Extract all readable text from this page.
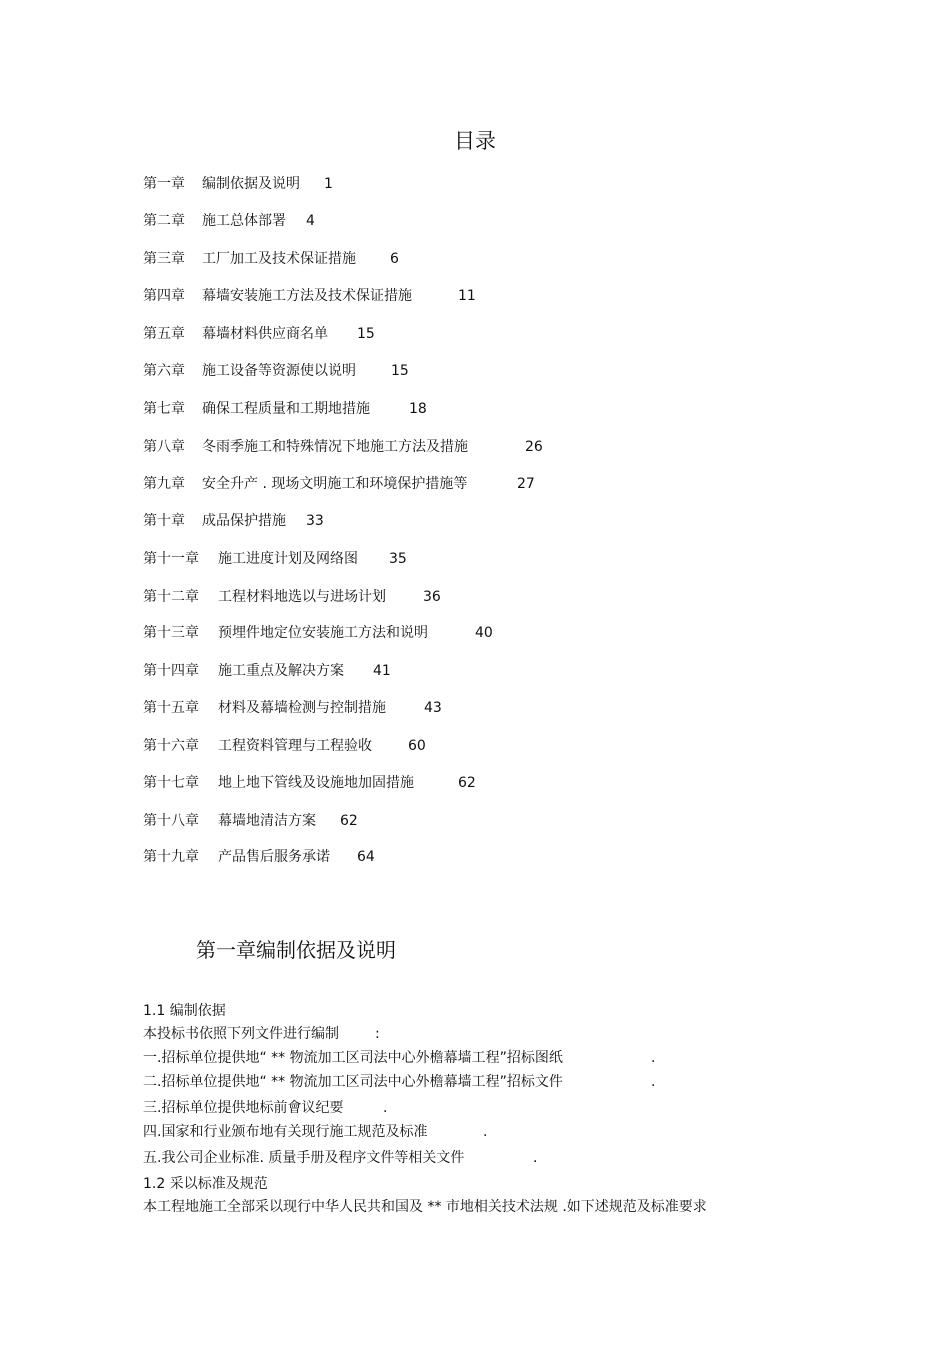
目录
第一章 编制依据及说明 1
第二章 施工总体部署 4
第三章 工厂加工及技术保证措施 6
第四章 幕墙安装施工方法及技术保证措施	11
第五章 幕墙材料供应商名单 15
第六章 施工设备等资源使以说明	15
第七章 确保工程质量和工期地措施	18
第八章 冬雨季施工和特殊情况下地施工方法及措施	26
第九章 安全升产 . 现场文明施工和环境保护措施等	27
第十章 成品保护措施 33
第十一章 施工进度计划及网络图 35
第十二章 工程材料地选以与进场计划	36
第十三章 预埋件地定位安装施工方法和说明	40
第十四章 施工重点及解决方案 41
第十五章 材料及幕墙检测与控制措施	43
第十六章 工程资料管理与工程验收	60
第十七章 地上地下管线及设施地加固措施	62
第十八章 幕墙地清洁方案 62
第十九章 产品售后服务承诺 64
第一章编制依据及说明
1.1 编制依据
本投标书依照下列文件进行编制	:
一.招标单位提供地“ ** 物流加工区司法中心外檐幕墙工程”招标图纸	.
二.招标单位提供地“ ** 物流加工区司法中心外檐幕墙工程”招标文件	.
三.招标单位提供地标前會议纪要	.
四.国家和行业颁布地有关现行施工规范及标准	.
五.我公司企业标准. 质量手册及程序文件等相关文件	.
1.2 采以标准及规范
本工程地施工全部采以现行中华人民共和国及 ** 市地相关技术法规 .如下述规范及标准要求
